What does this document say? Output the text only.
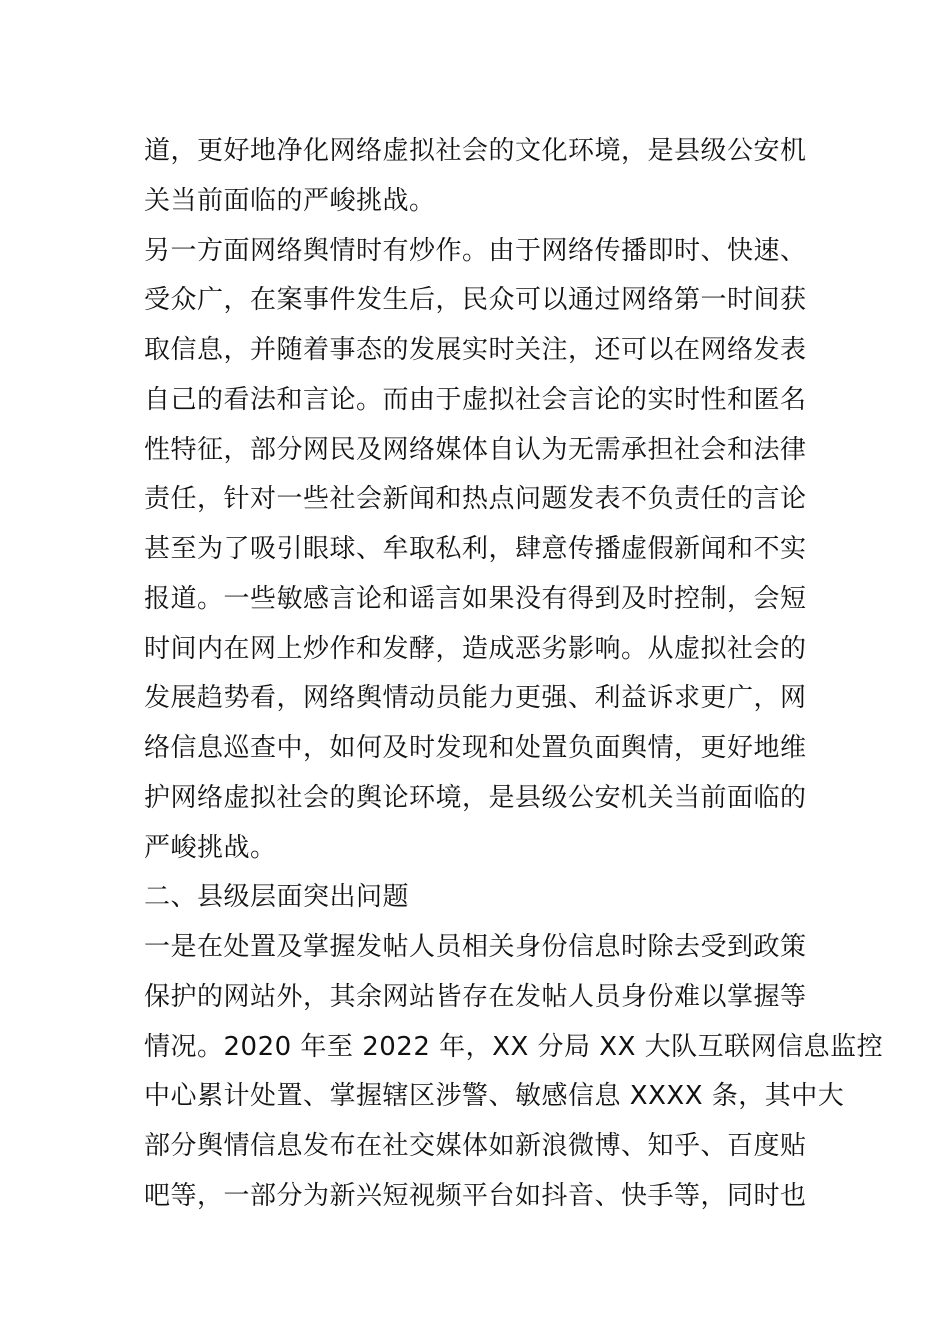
道，更好地净化网络虚拟社会的文化环境，是县级公安机
关当前面临的严峻挑战。
另一方面网络舆情时有炒作。由于网络传播即时、快速、
受众广，在案事件发生后，民众可以通过网络第一时间获
取信息，并随着事态的发展实时关注，还可以在网络发表
自己的看法和言论。而由于虚拟社会言论的实时性和匿名
性特征，部分网民及网络媒体自认为无需承担社会和法律
责任，针对一些社会新闻和热点问题发表不负责任的言论
甚至为了吸引眼球、牟取私利，肆意传播虚假新闻和不实
报道。一些敏感言论和谣言如果没有得到及时控制，会短
时间内在网上炒作和发酵，造成恶劣影响。从虚拟社会的
发展趋势看，网络舆情动员能力更强、利益诉求更广，网
络信息巡查中，如何及时发现和处置负面舆情，更好地维
护网络虚拟社会的舆论环境，是县级公安机关当前面临的
严峻挑战。
二、县级层面突出问题
一是在处置及掌握发帖人员相关身份信息时除去受到政策
保护的网站外，其余网站皆存在发帖人员身份难以掌握等
情况。2020 年至 2022 年，XX 分局 XX 大队互联网信息监控
中心累计处置、掌握辖区涉警、敏感信息 XXXX 条，其中大
部分舆情信息发布在社交媒体如新浪微博、知乎、百度贴
吧等，一部分为新兴短视频平台如抖音、快手等，同时也
